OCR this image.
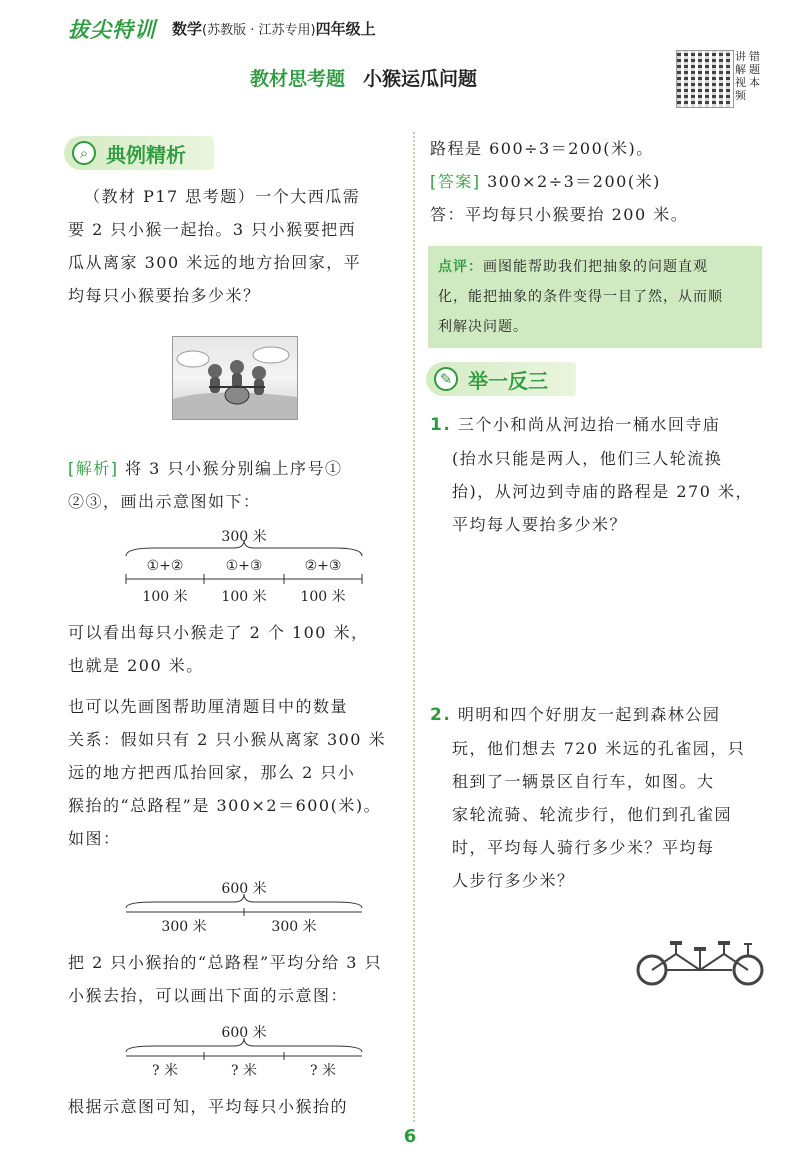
拔尖特训 数学(苏教版 · 江苏专用)四年级上
教材思考题 小猴运瓜问题
讲解视频
错题本
⌕ 典例精析
（教材 P17 思考题）一个大西瓜需
要 2 只小猴一起抬。3 只小猴要把西
瓜从离家 300 米远的地方抬回家，平
均每只小猴要抬多少米？
[解析] 将 3 只小猴分别编上序号①
②③，画出示意图如下：
300 米
①+②	①+③	②+③
100 米	100 米	100 米
可以看出每只小猴走了 2 个 100 米，
也就是 200 米。
也可以先画图帮助厘清题目中的数量
关系：假如只有 2 只小猴从离家 300 米
远的地方把西瓜抬回家，那么 2 只小
猴抬的“总路程”是 300×2＝600(米)。
如图：
600 米
300 米	300 米
把 2 只小猴抬的“总路程”平均分给 3 只
小猴去抬，可以画出下面的示意图：
600 米
? 米	? 米	? 米
根据示意图可知，平均每只小猴抬的
路程是 600÷3＝200(米)。
[答案] 300×2÷3＝200(米)
答：平均每只小猴要抬 200 米。
点评：画图能帮助我们把抽象的问题直观
化，能把抽象的条件变得一目了然，从而顺
利解决问题。
✎ 举一反三
1. 三个小和尚从河边抬一桶水回寺庙
(抬水只能是两人，他们三人轮流换
抬)，从河边到寺庙的路程是 270 米，
平均每人要抬多少米？
2. 明明和四个好朋友一起到森林公园
玩，他们想去 720 米远的孔雀园，只
租到了一辆景区自行车，如图。大
家轮流骑、轮流步行，他们到孔雀园
时，平均每人骑行多少米？平均每
人步行多少米？
6
